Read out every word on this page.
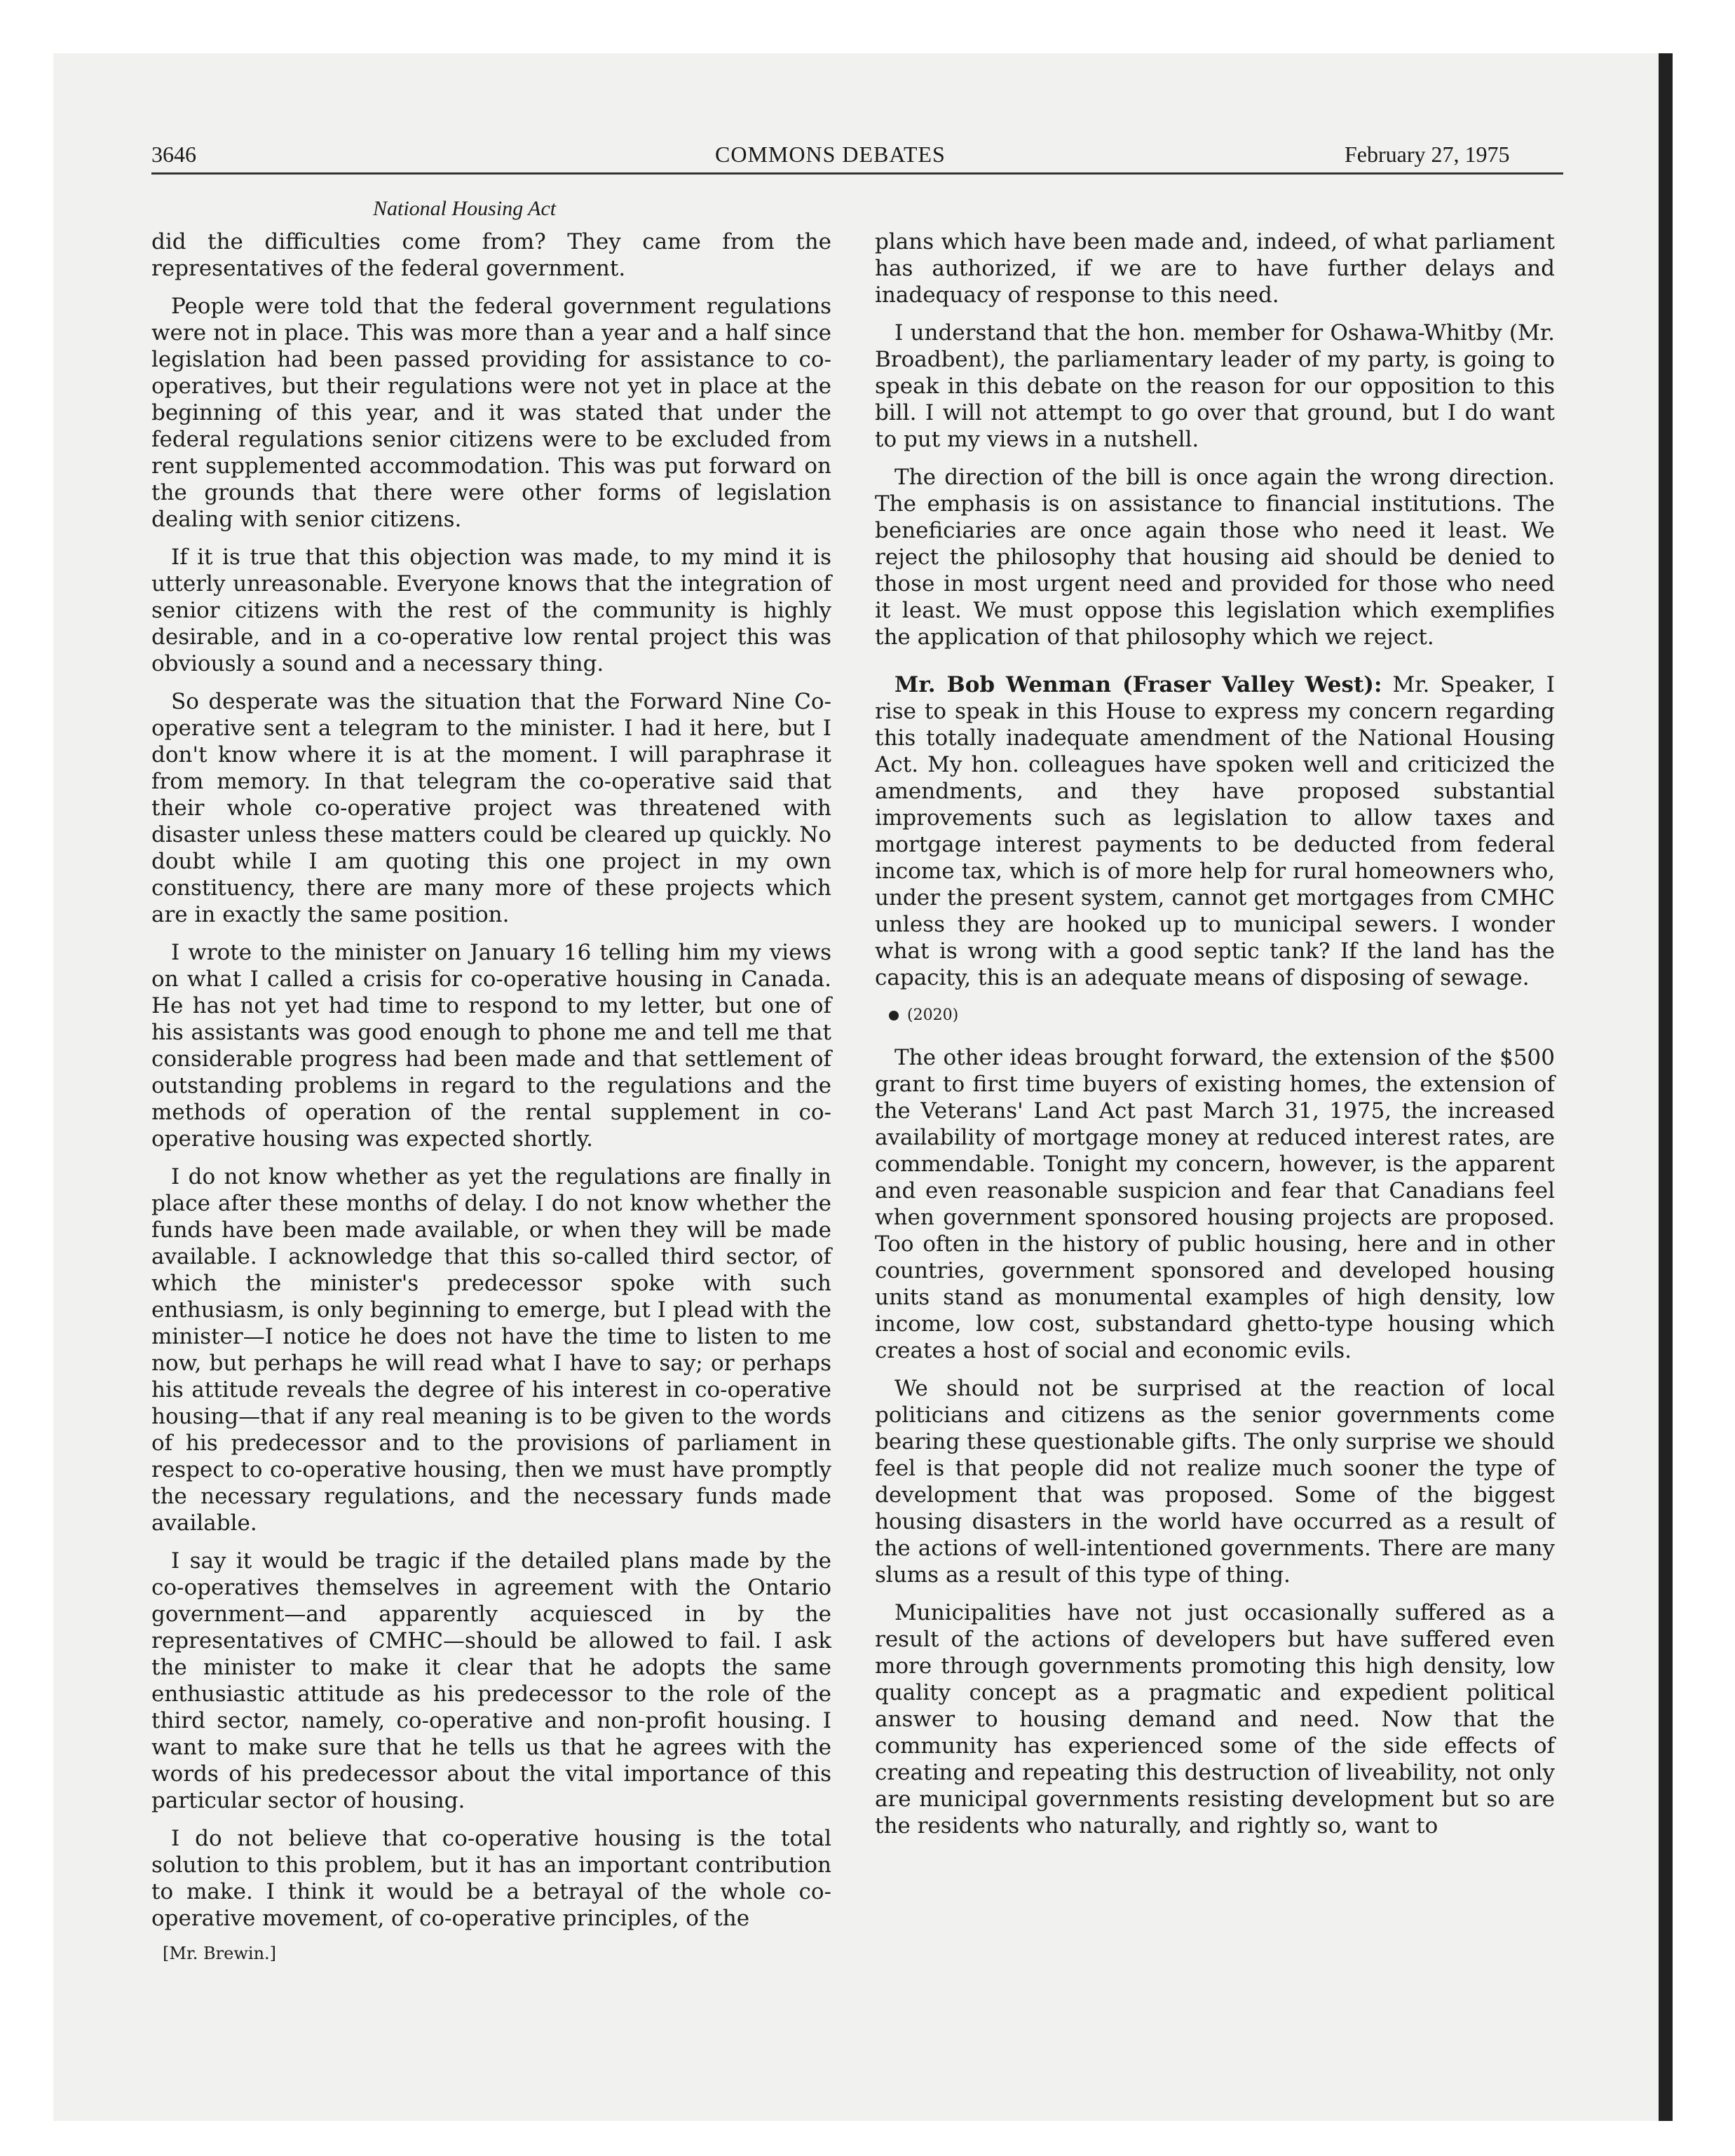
3646	COMMONS DEBATES	February 27, 1975
National Housing Act

did the difficulties come from? They came from the representatives of the federal government.

People were told that the federal government regulations were not in place. This was more than a year and a half since legislation had been passed providing for assistance to co-operatives, but their regulations were not yet in place at the beginning of this year, and it was stated that under the federal regulations senior citizens were to be excluded from rent supplemented accommodation. This was put forward on the grounds that there were other forms of legislation dealing with senior citizens.

If it is true that this objection was made, to my mind it is utterly unreasonable. Everyone knows that the integration of senior citizens with the rest of the community is highly desirable, and in a co-operative low rental project this was obviously a sound and a necessary thing.

So desperate was the situation that the Forward Nine Co-operative sent a telegram to the minister. I had it here, but I don't know where it is at the moment. I will paraphrase it from memory. In that telegram the co-operative said that their whole co-operative project was threatened with disaster unless these matters could be cleared up quickly. No doubt while I am quoting this one project in my own constituency, there are many more of these projects which are in exactly the same position.

I wrote to the minister on January 16 telling him my views on what I called a crisis for co-operative housing in Canada. He has not yet had time to respond to my letter, but one of his assistants was good enough to phone me and tell me that considerable progress had been made and that settlement of outstanding problems in regard to the regulations and the methods of operation of the rental supplement in co-operative housing was expected shortly.

I do not know whether as yet the regulations are finally in place after these months of delay. I do not know whether the funds have been made available, or when they will be made available. I acknowledge that this so-called third sector, of which the minister's predecessor spoke with such enthusiasm, is only beginning to emerge, but I plead with the minister—I notice he does not have the time to listen to me now, but perhaps he will read what I have to say; or perhaps his attitude reveals the degree of his interest in co-operative housing—that if any real meaning is to be given to the words of his predecessor and to the provisions of parliament in respect to co-operative housing, then we must have promptly the necessary regulations, and the necessary funds made available.

I say it would be tragic if the detailed plans made by the co-operatives themselves in agreement with the Ontario government—and apparently acquiesced in by the representatives of CMHC—should be allowed to fail. I ask the minister to make it clear that he adopts the same enthusiastic attitude as his predecessor to the role of the third sector, namely, co-operative and non-profit housing. I want to make sure that he tells us that he agrees with the words of his predecessor about the vital importance of this particular sector of housing.

I do not believe that co-operative housing is the total solution to this problem, but it has an important contribution to make. I think it would be a betrayal of the whole co-operative movement, of co-operative principles, of the

[Mr. Brewin.]

plans which have been made and, indeed, of what parliament has authorized, if we are to have further delays and inadequacy of response to this need.

I understand that the hon. member for Oshawa-Whitby (Mr. Broadbent), the parliamentary leader of my party, is going to speak in this debate on the reason for our opposition to this bill. I will not attempt to go over that ground, but I do want to put my views in a nutshell.

The direction of the bill is once again the wrong direction. The emphasis is on assistance to financial institutions. The beneficiaries are once again those who need it least. We reject the philosophy that housing aid should be denied to those in most urgent need and provided for those who need it least. We must oppose this legislation which exemplifies the application of that philosophy which we reject.

Mr. Bob Wenman (Fraser Valley West): Mr. Speaker, I rise to speak in this House to express my concern regarding this totally inadequate amendment of the National Housing Act. My hon. colleagues have spoken well and criticized the amendments, and they have proposed substantial improvements such as legislation to allow taxes and mortgage interest payments to be deducted from federal income tax, which is of more help for rural homeowners who, under the present system, cannot get mortgages from CMHC unless they are hooked up to municipal sewers. I wonder what is wrong with a good septic tank? If the land has the capacity, this is an adequate means of disposing of sewage.

(2020)

The other ideas brought forward, the extension of the $500 grant to first time buyers of existing homes, the extension of the Veterans' Land Act past March 31, 1975, the increased availability of mortgage money at reduced interest rates, are commendable. Tonight my concern, however, is the apparent and even reasonable suspicion and fear that Canadians feel when government sponsored housing projects are proposed. Too often in the history of public housing, here and in other countries, government sponsored and developed housing units stand as monumental examples of high density, low income, low cost, substandard ghetto-type housing which creates a host of social and economic evils.

We should not be surprised at the reaction of local politicians and citizens as the senior governments come bearing these questionable gifts. The only surprise we should feel is that people did not realize much sooner the type of development that was proposed. Some of the biggest housing disasters in the world have occurred as a result of the actions of well-intentioned governments. There are many slums as a result of this type of thing.

Municipalities have not just occasionally suffered as a result of the actions of developers but have suffered even more through governments promoting this high density, low quality concept as a pragmatic and expedient political answer to housing demand and need. Now that the community has experienced some of the side effects of creating and repeating this destruction of liveability, not only are municipal governments resisting development but so are the residents who naturally, and rightly so, want to
